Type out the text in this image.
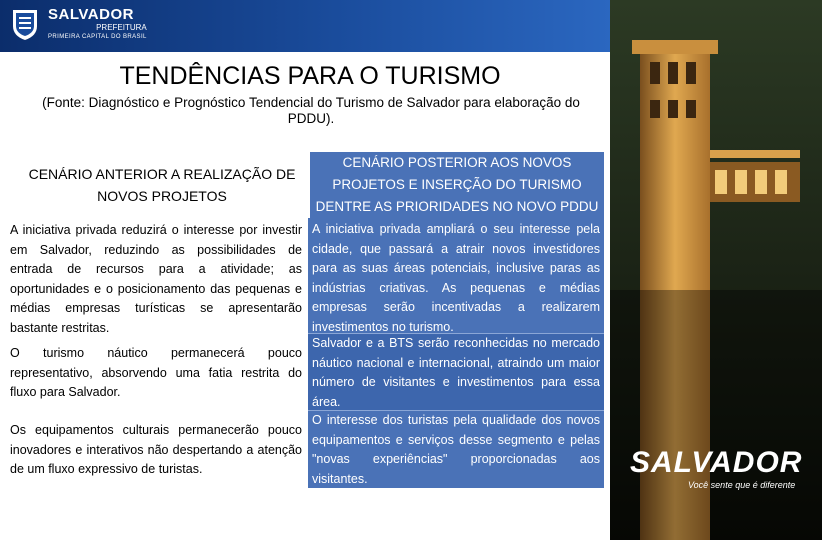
SALVADOR
PREFEITURA
PRIMEIRA CAPITAL DO BRASIL
TENDÊNCIAS PARA O TURISMO
(Fonte: Diagnóstico e Prognóstico Tendencial do Turismo de Salvador para elaboração do PDDU).
CENÁRIO ANTERIOR A REALIZAÇÃO DE NOVOS PROJETOS
CENÁRIO POSTERIOR AOS NOVOS PROJETOS E INSERÇÃO DO TURISMO DENTRE AS PRIORIDADES NO NOVO PDDU
A iniciativa privada reduzirá o interesse por investir em Salvador, reduzindo as possibilidades de entrada de recursos para a atividade; as oportunidades e o posicionamento das pequenas e médias empresas turísticas se apresentarão bastante restritas.
A iniciativa privada ampliará o seu interesse pela cidade, que passará a atrair novos investidores para as suas áreas potenciais, inclusive paras as indústrias criativas. As pequenas e médias empresas serão incentivadas a realizarem investimentos no turismo.
O turismo náutico permanecerá pouco representativo, absorvendo uma fatia restrita do fluxo para Salvador.
Salvador e a BTS serão reconhecidas no mercado náutico nacional e internacional, atraindo um maior número de visitantes e investimentos para essa área.
Os equipamentos culturais permanecerão pouco inovadores e interativos não despertando a atenção de um fluxo expressivo de turistas.
O interesse dos turistas pela qualidade dos novos equipamentos e serviços desse segmento e pelas "novas experiências" proporcionadas aos visitantes.	SALVADOR
Você sente que é diferente
